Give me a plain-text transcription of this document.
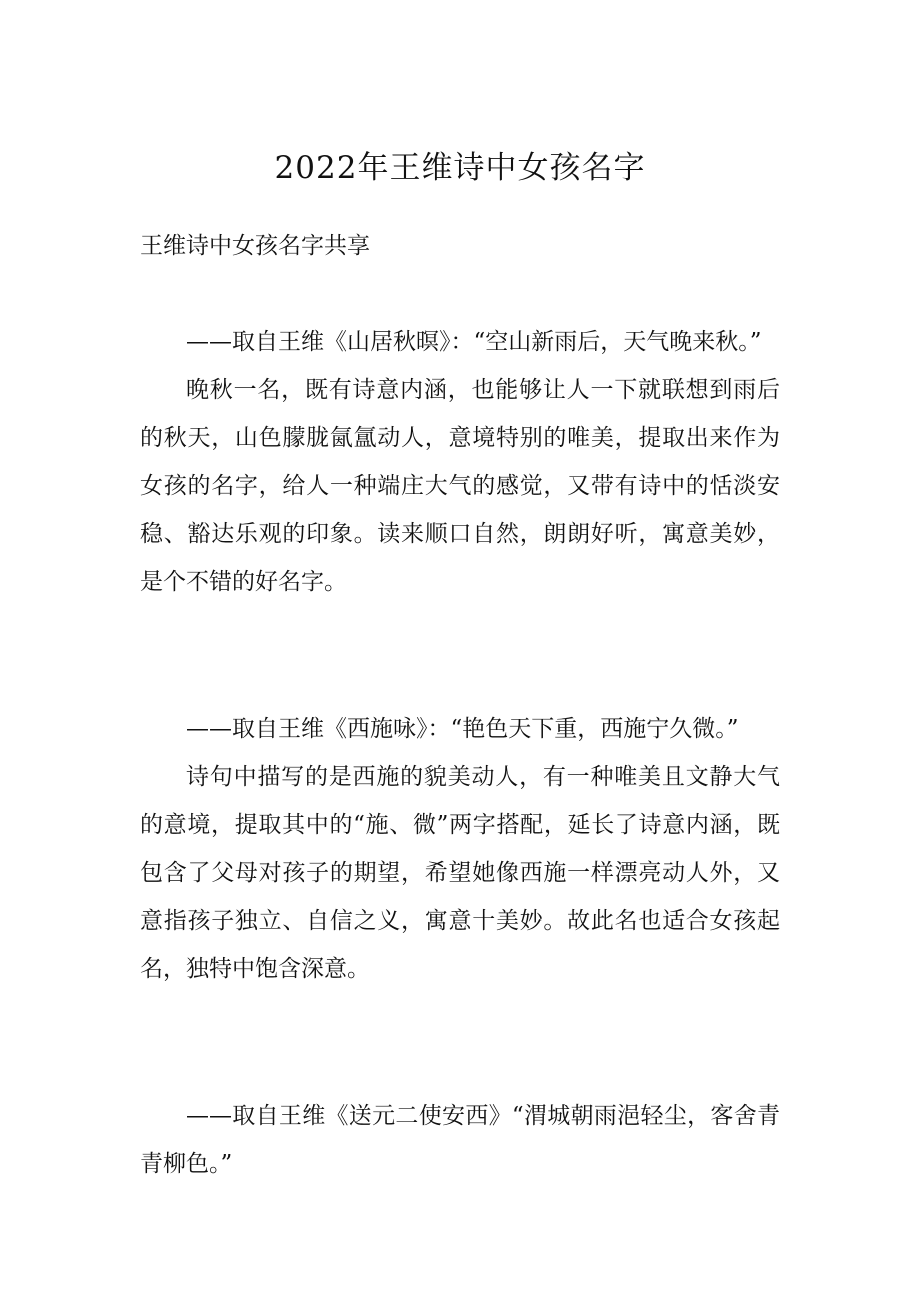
2022年王维诗中女孩名字
王维诗中女孩名字共享

——取自王维《山居秋暝》：“空山新雨后，天气晚来秋。”

晚秋一名，既有诗意内涵，也能够让人一下就联想到雨后的秋天，山色朦胧氤氲动人，意境特别的唯美，提取出来作为女孩的名字，给人一种端庄大气的感觉，又带有诗中的恬淡安稳、豁达乐观的印象。读来顺口自然，朗朗好听，寓意美妙，是个不错的好名字。

——取自王维《西施咏》：“艳色天下重，西施宁久微。”

诗句中描写的是西施的貌美动人，有一种唯美且文静大气的意境，提取其中的“施、微”两字搭配，延长了诗意内涵，既包含了父母对孩子的期望，希望她像西施一样漂亮动人外，又意指孩子独立、自信之义，寓意十美妙。故此名也适合女孩起名，独特中饱含深意。

——取自王维《送元二使安西》“渭城朝雨浥轻尘，客舍青青柳色。”
